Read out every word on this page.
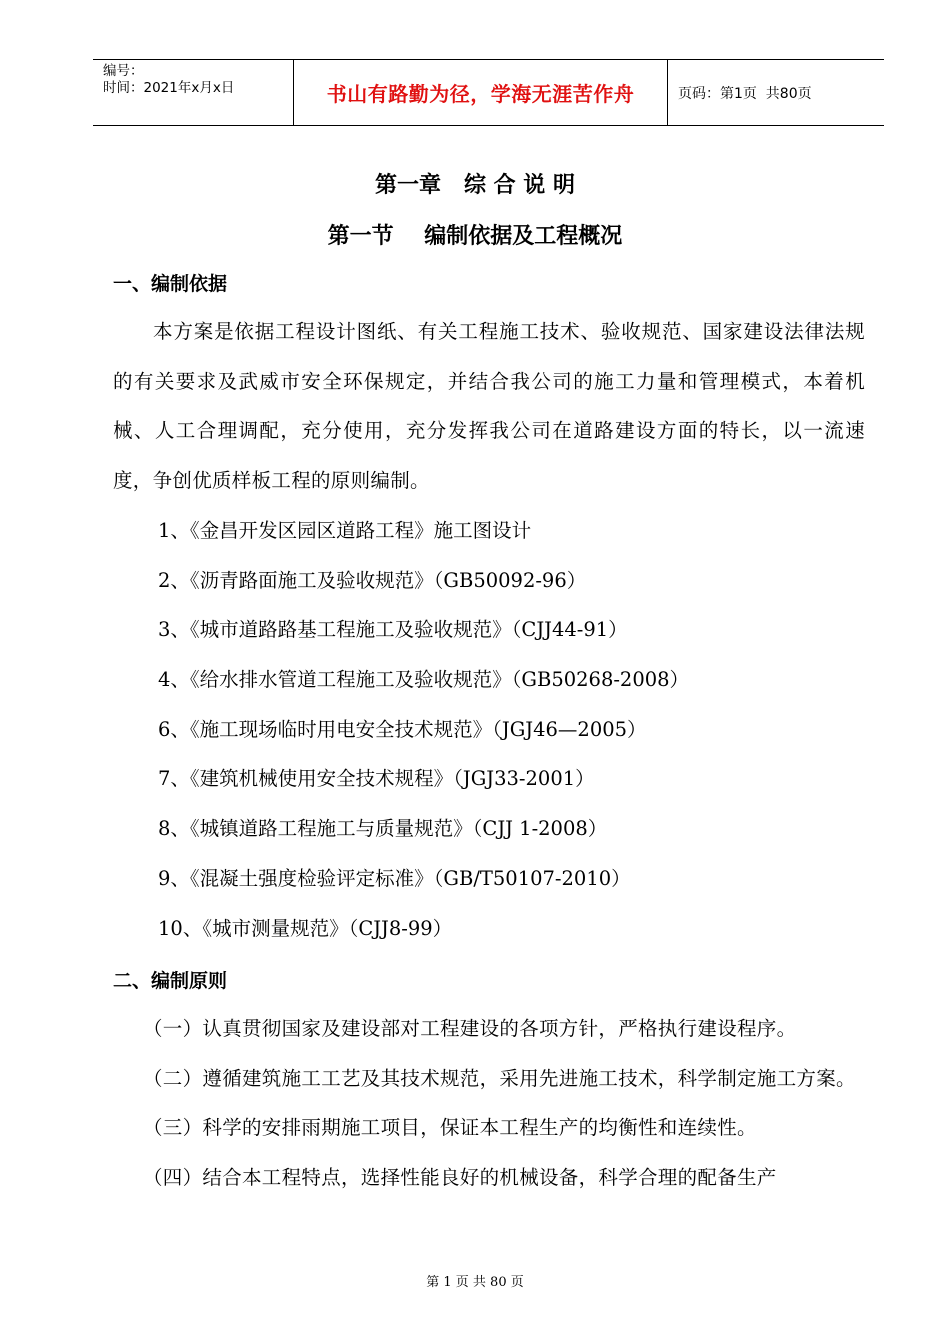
编号：
时间：2021年x月x日	书山有路勤为径，学海无涯苦作舟	页码：第1页  共80页
第一章   综 合 说 明
第一节    编制依据及工程概况
一、编制依据
本方案是依据工程设计图纸、有关工程施工技术、验收规范、国家建设法律法规的有关要求及武威市安全环保规定，并结合我公司的施工力量和管理模式，本着机械、人工合理调配，充分使用，充分发挥我公司在道路建设方面的特长，以一流速度，争创优质样板工程的原则编制。
1、《金昌开发区园区道路工程》施工图设计
2、《沥青路面施工及验收规范》（GB50092-96）
3、《城市道路路基工程施工及验收规范》（CJJ44-91）
4、《给水排水管道工程施工及验收规范》（GB50268-2008）
6、《施工现场临时用电安全技术规范》（JGJ46—2005）
7、《建筑机械使用安全技术规程》（JGJ33-2001）
8、《城镇道路工程施工与质量规范》（CJJ 1-2008）
9、《混凝土强度检验评定标准》（GB/T50107-2010）
10、《城市测量规范》（CJJ8-99）
二、编制原则

（一）认真贯彻国家及建设部对工程建设的各项方针，严格执行建设程序。

（二）遵循建筑施工工艺及其技术规范，采用先进施工技术，科学制定施工方案。

（三）科学的安排雨期施工项目，保证本工程生产的均衡性和连续性。

（四）结合本工程特点，选择性能良好的机械设备，科学合理的配备生产

第 1 页 共 80 页
